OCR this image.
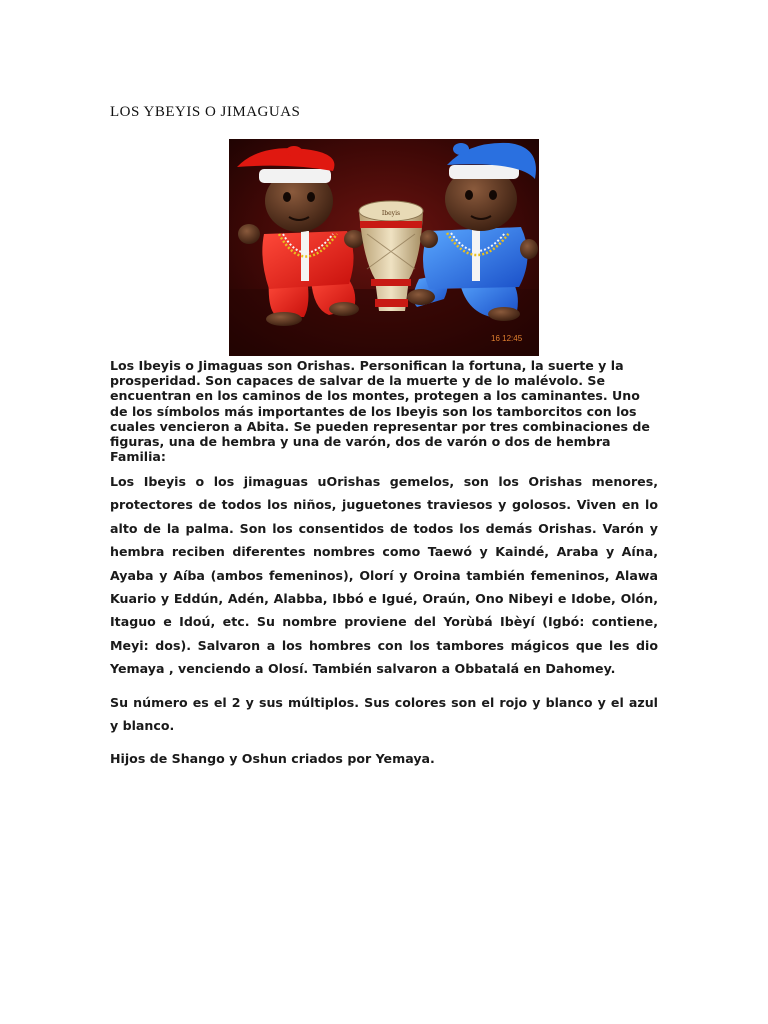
LOS YBEYIS O JIMAGUAS
Ibeyis
16 12:45

Los Ibeyis o Jimaguas son Orishas. Personifican la fortuna, la suerte y la prosperidad. Son capaces de salvar de la muerte y de lo malévolo. Se encuentran en los caminos de los montes, protegen a los caminantes. Uno de los símbolos más importantes de los Ibeyis son los tamborcitos con los cuales vencieron a Abita. Se pueden representar por tres combinaciones de figuras, una de hembra y una de varón, dos de varón o dos de hembra

Familia:

Los Ibeyis o los jimaguas uOrishas gemelos, son los Orishas menores, protectores de todos los niños, juguetones traviesos y golosos. Viven en lo alto de la palma. Son los consentidos de todos los demás Orishas. Varón y hembra reciben diferentes nombres como Taewó y Kaindé, Araba y Aína, Ayaba y Aíba (ambos femeninos), Olorí y Oroina también femeninos, Alawa Kuario y Eddún, Adén, Alabba, Ibbó e Igué, Oraún, Ono Nibeyi e Idobe, Olón, Itaguo e Idoú, etc. Su nombre proviene del Yorùbá Ibèyí (Igbó: contiene, Meyi: dos). Salvaron a los hombres con los tambores mágicos que les dio Yemaya , venciendo a Olosí. También salvaron a Obbatalá en Dahomey.

Su número es el 2 y sus múltiplos. Sus colores son el rojo y blanco y el azul y blanco.

Hijos de Shango y Oshun criados por Yemaya.
